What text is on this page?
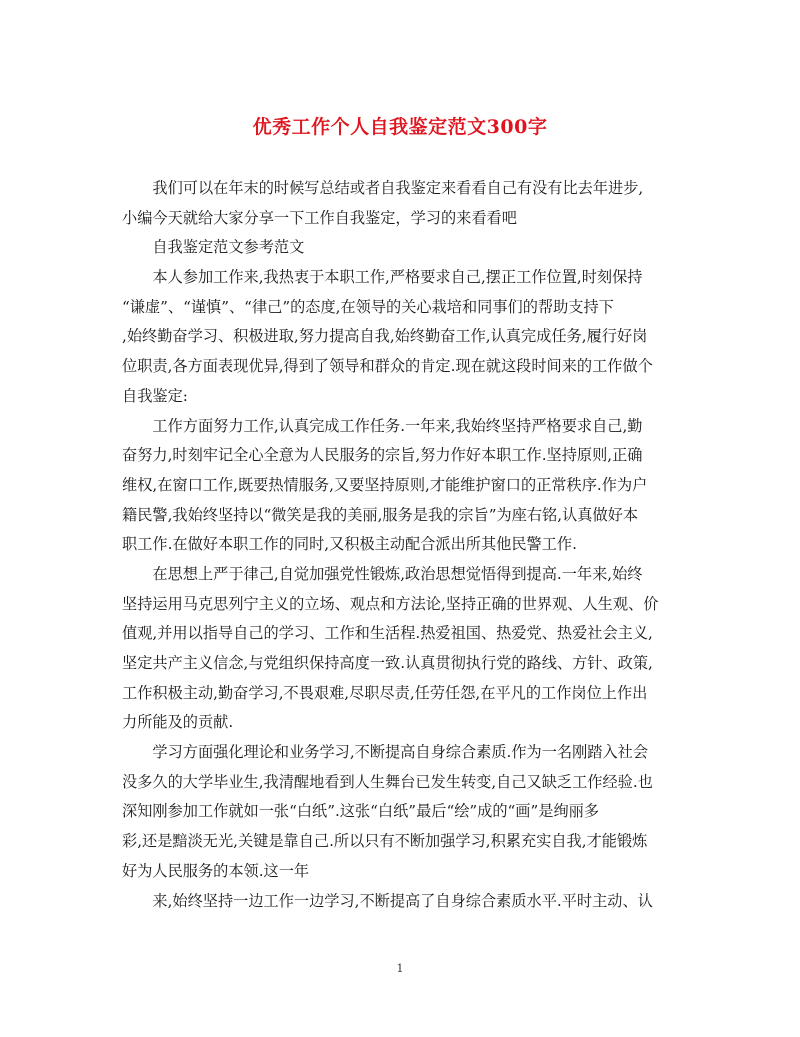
优秀工作个人自我鉴定范文300字
　　我们可以在年末的时候写总结或者自我鉴定来看看自己有没有比去年进步,
小编今天就给大家分享一下工作自我鉴定，学习的来看看吧
　　自我鉴定范文参考范文
　　本人参加工作来,我热衷于本职工作,严格要求自己,摆正工作位置,时刻保持
“谦虚”、“谨慎”、“律己”的态度,在领导的关心栽培和同事们的帮助支持下
,始终勤奋学习、积极进取,努力提高自我,始终勤奋工作,认真完成任务,履行好岗
位职责,各方面表现优异,得到了领导和群众的肯定.现在就这段时间来的工作做个
自我鉴定:
　　工作方面努力工作,认真完成工作任务.一年来,我始终坚持严格要求自己,勤
奋努力,时刻牢记全心全意为人民服务的宗旨,努力作好本职工作.坚持原则,正确
维权,在窗口工作,既要热情服务,又要坚持原则,才能维护窗口的正常秩序.作为户
籍民警,我始终坚持以“微笑是我的美丽,服务是我的宗旨”为座右铭,认真做好本
职工作.在做好本职工作的同时,又积极主动配合派出所其他民警工作.
　　在思想上严于律己,自觉加强党性锻炼,政治思想觉悟得到提高.一年来,始终
坚持运用马克思列宁主义的立场、观点和方法论,坚持正确的世界观、人生观、价
值观,并用以指导自己的学习、工作和生活程.热爱祖国、热爱党、热爱社会主义,
坚定共产主义信念,与党组织保持高度一致.认真贯彻执行党的路线、方针、政策,
工作积极主动,勤奋学习,不畏艰难,尽职尽责,任劳任怨,在平凡的工作岗位上作出
力所能及的贡献.
　　学习方面强化理论和业务学习,不断提高自身综合素质.作为一名刚踏入社会
没多久的大学毕业生,我清醒地看到人生舞台已发生转变,自己又缺乏工作经验.也
深知刚参加工作就如一张“白纸”.这张“白纸”最后“绘”成的“画”是绚丽多
彩,还是黯淡无光,关键是靠自己.所以只有不断加强学习,积累充实自我,才能锻炼
好为人民服务的本领.这一年
　　来,始终坚持一边工作一边学习,不断提高了自身综合素质水平.平时主动、认
1
